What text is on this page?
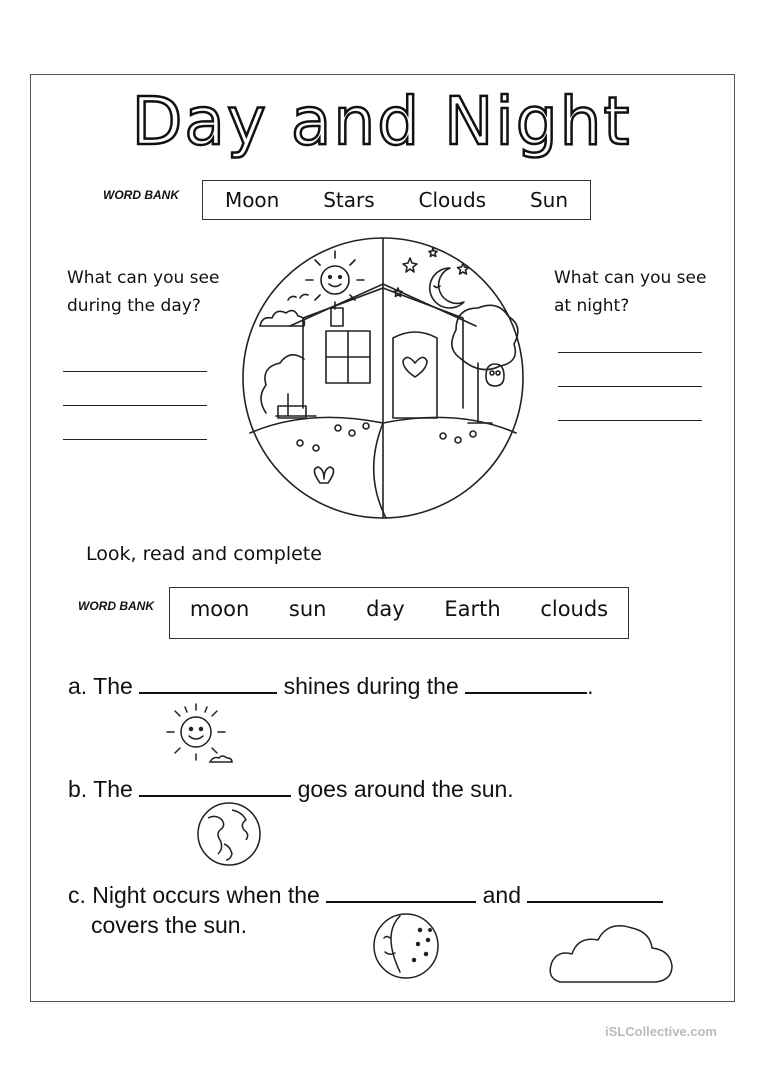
Day and Night
WORD BANK Moon Stars Clouds Sun
What can you see
during the day?
What can you see
at night?
Look, read and complete
WORD BANK moon sun day Earth clouds
a. The	shines during the	.
b. The	goes around the sun.
c. Night occurs when the	and
covers the sun.
iSLCollective.com
